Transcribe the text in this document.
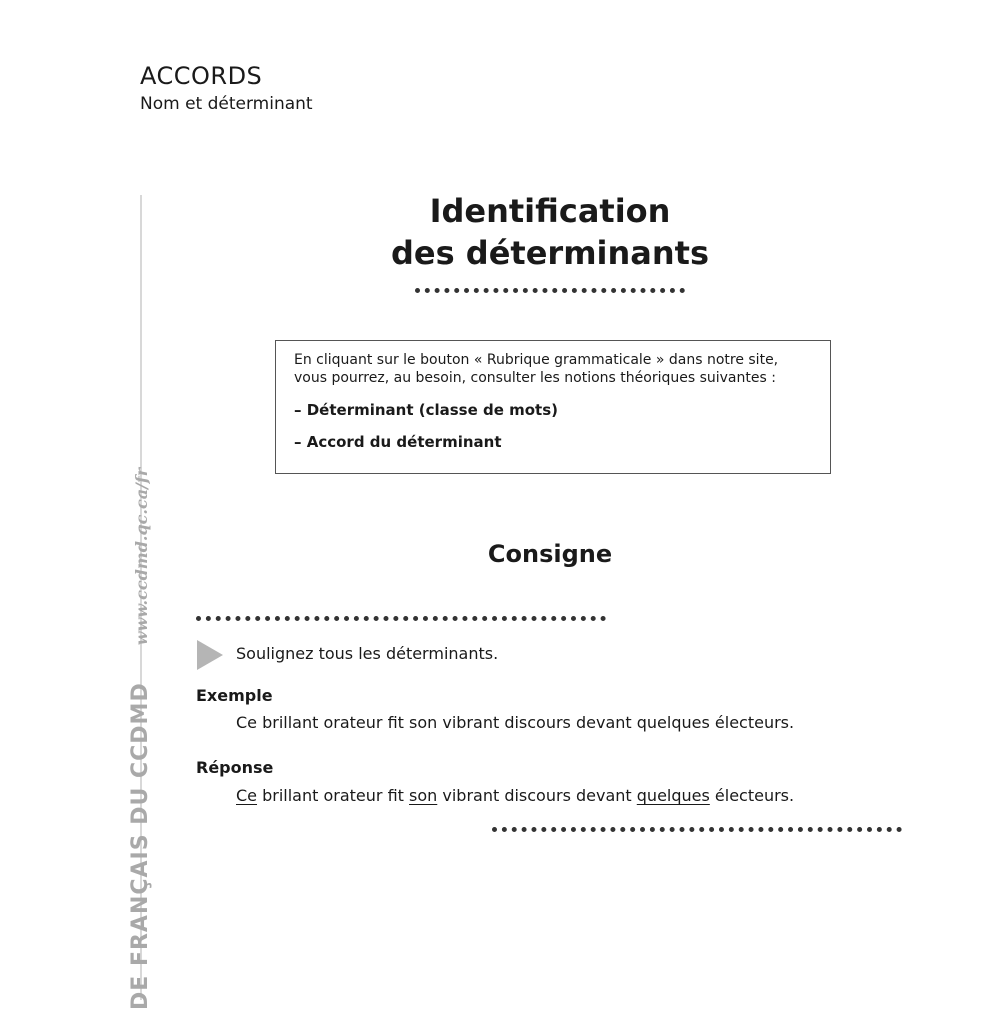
ACCORDS
Nom et déterminant
DE FRANÇAIS DU CCDMD www.ccdmd.qc.ca/fr
Identification
des déterminants

En cliquant sur le bouton « Rubrique grammaticale » dans notre site,

vous pourrez, au besoin, consulter les notions théoriques suivantes :

– Déterminant (classe de mots)

– Accord du déterminant

Consigne
Soulignez tous les déterminants.
Exemple
Ce brillant orateur fit son vibrant discours devant quelques électeurs.
Réponse
Ce brillant orateur fit son vibrant discours devant quelques électeurs.
